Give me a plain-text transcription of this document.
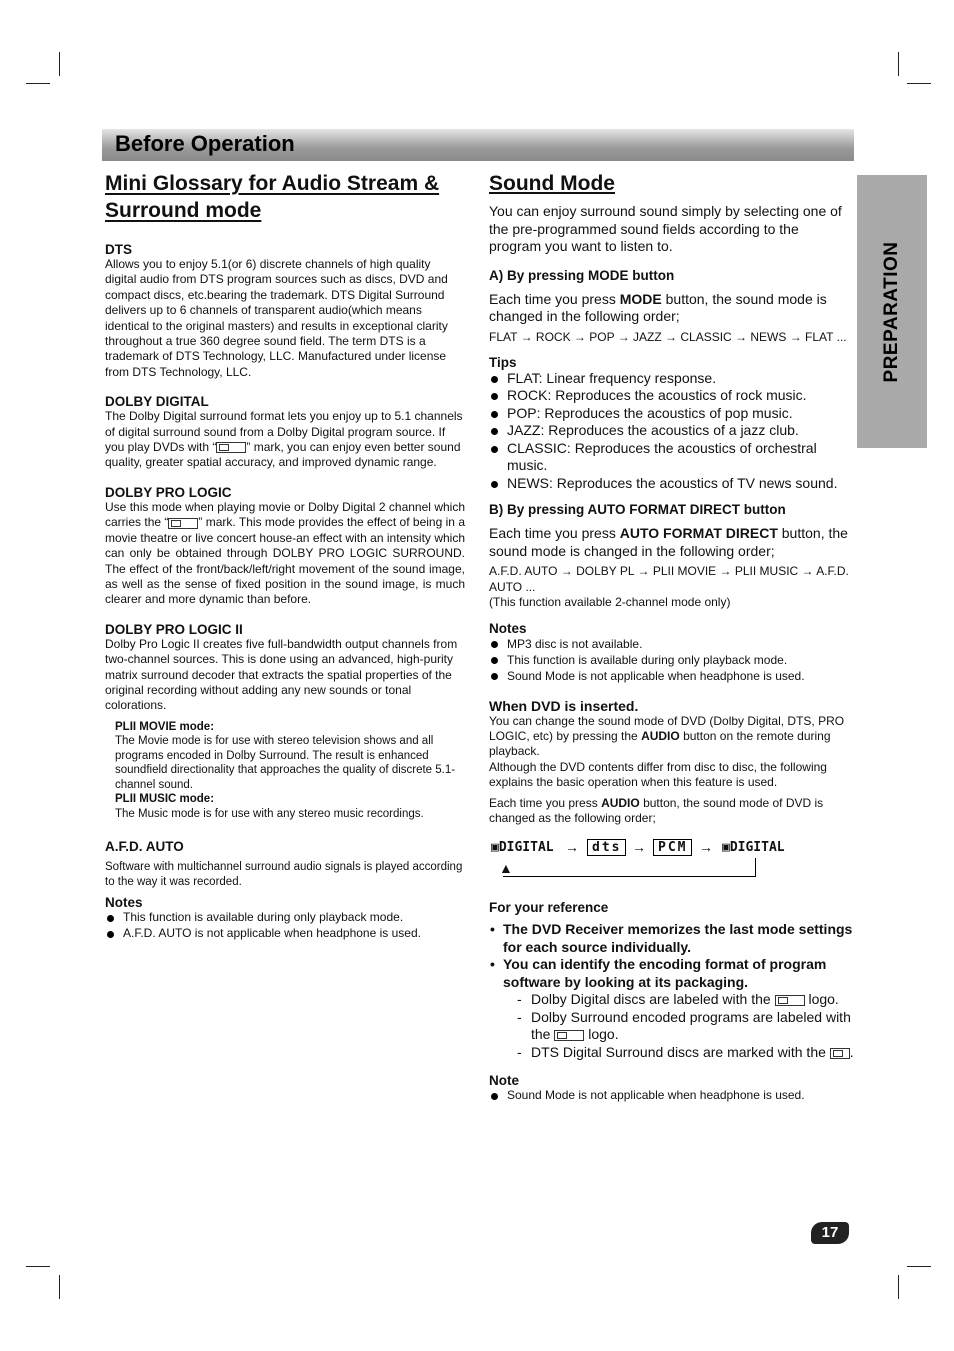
Before Operation
PREPARATION
Mini Glossary for Audio Stream &
Surround mode
DTS

Allows you to enjoy 5.1(or 6) discrete channels of high quality digital audio from DTS program sources such as discs, DVD and compact discs, etc.bearing the trademark. DTS Digital Surround delivers up to 6 channels of transparent audio(which means identical to the original masters) and results in exceptional clarity throughout a true 360 degree sound field. The term DTS is a trademark of DTS Technology, LLC. Manufactured under license from DTS Technology, LLC.

DOLBY DIGITAL

The Dolby Digital surround format lets you enjoy up to 5.1 channels of digital surround sound from a Dolby Digital program source. If you play DVDs with “	” mark, you can enjoy even better sound quality, greater spatial accuracy, and improved dynamic range.

DOLBY PRO LOGIC

Use this mode when playing movie or Dolby Digital 2 channel which carries the “	” mark. This mode provides the effect of being in a movie theatre or live concert house-an effect with an intensity which can only be obtained through DOLBY PRO LOGIC SURROUND. The effect of the front/back/left/right movement of the sound image, as well as the sense of fixed position in the sound image, is much clearer and more dynamic than before.

DOLBY PRO LOGIC II

Dolby Pro Logic II creates five full-bandwidth output channels from two-channel sources. This is done using an advanced, high-purity matrix surround decoder that extracts the spatial properties of the original recording without adding any new sounds or tonal colorations.

PLII MOVIE mode:

The Movie mode is for use with stereo television shows and all programs encoded in Dolby Surround. The result is enhanced soundfield directionality that approaches the quality of discrete 5.1-channel sound.

PLII MUSIC mode:

The Music mode is for use with any stereo music recordings.

A.F.D. AUTO

Software with multichannel surround audio signals is played according to the way it was recorded.

Notes
This function is available during only playback mode.
A.F.D. AUTO is not applicable when headphone is used.
Sound Mode

You can enjoy surround sound simply by selecting one of the pre-programmed sound fields according to the program you want to listen to.

A) By pressing MODE button

Each time you press MODE button, the sound mode is changed in the following order;

FLAT → ROCK → POP → JAZZ → CLASSIC → NEWS → FLAT ...

Tips
FLAT: Linear frequency response.
ROCK: Reproduces the acoustics of rock music.
POP: Reproduces the acoustics of pop music.
JAZZ: Reproduces the acoustics of a jazz club.
CLASSIC: Reproduces the acoustics of orchestral music.
NEWS: Reproduces the acoustics of TV news sound.
B) By pressing AUTO FORMAT DIRECT button

Each time you press AUTO FORMAT DIRECT button, the sound mode is changed in the following order;

A.F.D. AUTO → DOLBY PL → PLII MOVIE → PLII MUSIC → A.F.D. AUTO ...

(This function available 2-channel mode only)

Notes
MP3 disc is not available.
This function is available during only playback mode.
Sound Mode is not applicable when headphone is used.
When DVD is inserted.

You can change the sound mode of DVD (Dolby Digital, DTS, PRO LOGIC, etc) by pressing the AUDIO button on the remote during playback.

Although the DVD contents differ from disc to disc, the following explains the basic operation when this feature is used.

Each time you press AUDIO button, the sound mode of DVD is changed as the following order;

▣DIGITAL →	dts → PCM → ▣DIGITAL
▲
For your reference
• The DVD Receiver memorizes the last mode settings for each source individually.
• You can identify the encoding format of program software by looking at its packaging.
- Dolby Digital discs are labeled with the  logo.
- Dolby Surround encoded programs are labeled with the  logo.
- DTS Digital Surround discs are marked with the .
Note
Sound Mode is not applicable when headphone is used.
17
